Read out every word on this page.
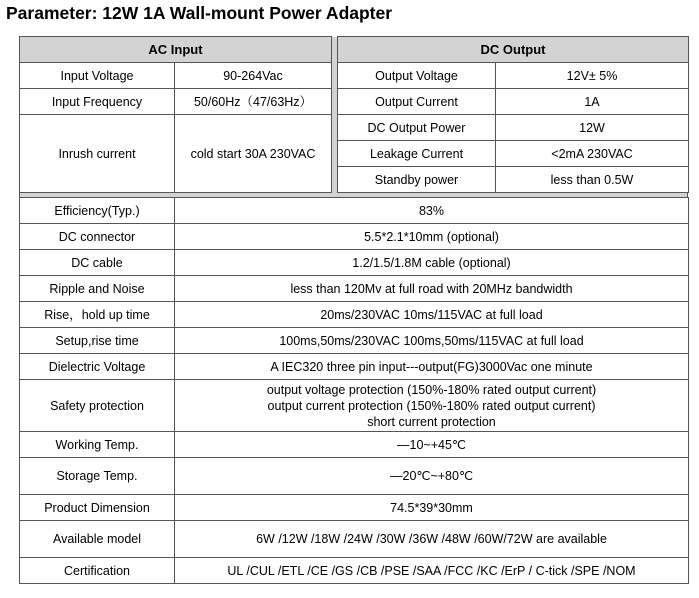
Parameter: 12W 1A Wall-mount Power Adapter
AC Input			DC Output	
Input Voltage	90-264Vac		Output Voltage	12V± 5%
Input Frequency	50/60Hz（47/63Hz）		Output Current	1A
Inrush current	cold start 30A 230VAC		DC Output Power	12W
			Leakage Current	<2mA 230VAC
			Standby power	less than 0.5W
Efficiency(Typ.)	83%

DC connector	5.5*2.1*10mm (optional)

DC cable	1.2/1.5/1.8M cable (optional)

Ripple and Noise	less than 120Mv at full road with 20MHz bandwidth

Rise，hold up time	20ms/230VAC 10ms/115VAC at full load

Setup,rise time	100ms,50ms/230VAC 100ms,50ms/115VAC at full load

Dielectric Voltage	A IEC320 three pin input---output(FG)3000Vac one minute

Safety protection	output voltage protection (150%-180% rated output current)
output current protection (150%-180% rated output current)
short current protection

Working Temp.	—10~+45℃

Storage Temp.	—20℃~+80℃

Product Dimension	74.5*39*30mm

Available model	6W /12W /18W /24W /30W /36W /48W /60W/72W are available

Certification	UL /CUL /ETL /CE /GS /CB /PSE /SAA /FCC /KC /ErP / C-tick /SPE /NOM
